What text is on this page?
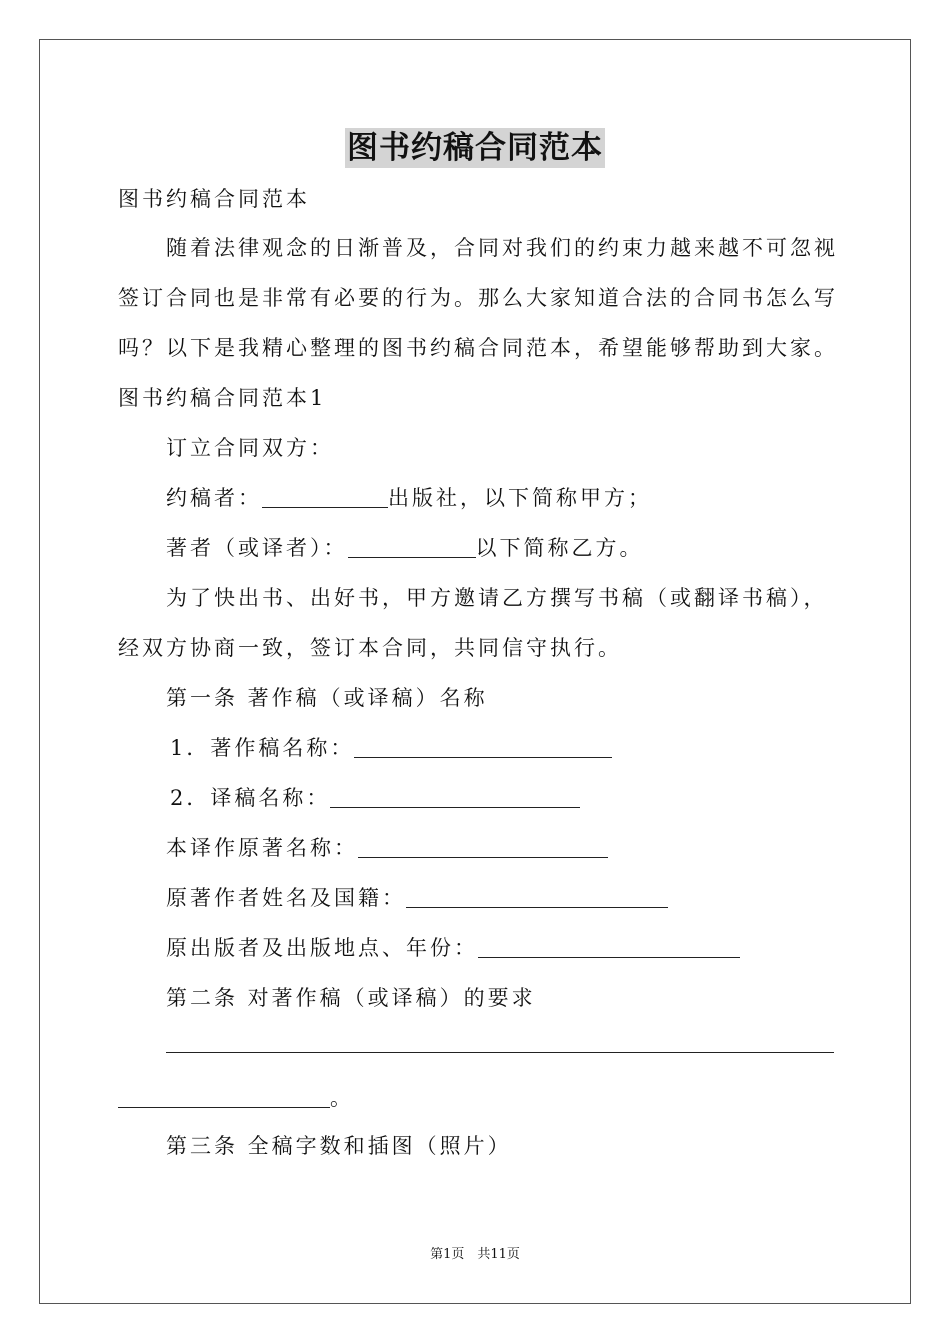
图书约稿合同范本
图书约稿合同范本
随着法律观念的日渐普及，合同对我们的约束力越来越不可忽视
签订合同也是非常有必要的行为。那么大家知道合法的合同书怎么写
吗？以下是我精心整理的图书约稿合同范本，希望能够帮助到大家。
图书约稿合同范本1
订立合同双方：
约稿者：	出版社，以下简称甲方；
著者（或译者）：	以下简称乙方。
为了快出书、出好书，甲方邀请乙方撰写书稿（或翻译书稿），
经双方协商一致，签订本合同，共同信守执行。
第一条 著作稿（或译稿）名称
1．著作稿名称：
2．译稿名称：
本译作原著名称：
原著作者姓名及国籍：
原出版者及出版地点、年份：
第二条 对著作稿（或译稿）的要求
。
第三条 全稿字数和插图（照片）
第1页　共11页
